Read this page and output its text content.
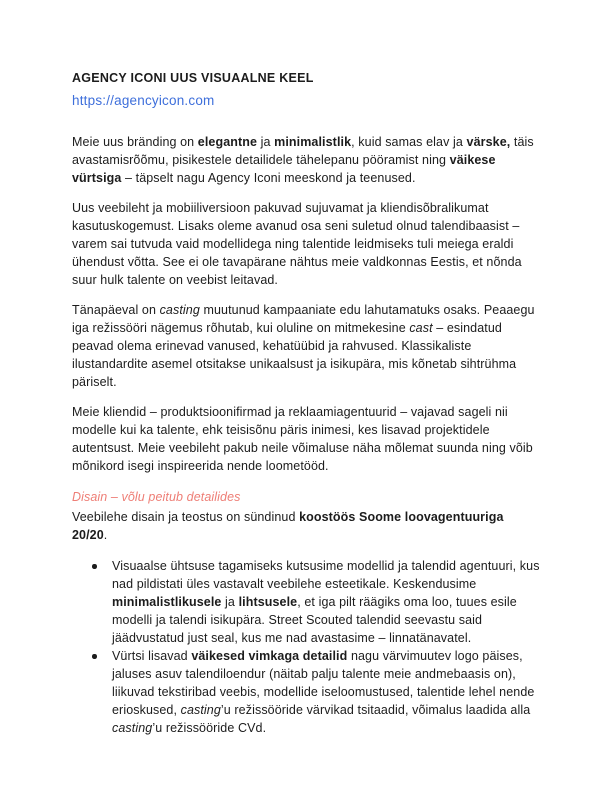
AGENCY ICONI UUS VISUAALNE KEEL
https://agencyicon.com

Meie uus bränding on elegantne ja minimalistlik, kuid samas elav ja värske, täis avastamisrõõmu, pisikestele detailidele tähelepanu pööramist ning väikese vürtsiga – täpselt nagu Agency Iconi meeskond ja teenused.

Uus veebileht ja mobiiliversioon pakuvad sujuvamat ja kliendisõbralikumat kasutuskogemust. Lisaks oleme avanud osa seni suletud olnud talendibaasist – varem sai tutvuda vaid modellidega ning talentide leidmiseks tuli meiega eraldi ühendust võtta. See ei ole tavapärane nähtus meie valdkonnas Eestis, et nõnda suur hulk talente on veebist leitavad.

Tänapäeval on casting muutunud kampaaniate edu lahutamatuks osaks. Peaaegu iga režissööri nägemus rõhutab, kui oluline on mitmekesine cast – esindatud peavad olema erinevad vanused, kehatüübid ja rahvused. Klassikaliste ilustandardite asemel otsitakse unikaalsust ja isikupära, mis kõnetab sihtrühma päriselt.

Meie kliendid – produktsioonifirmad ja reklaamiagentuurid – vajavad sageli nii modelle kui ka talente, ehk teisisõnu päris inimesi, kes lisavad projektidele autentsust. Meie veebileht pakub neile võimaluse näha mõlemat suunda ning võib mõnikord isegi inspireerida nende loometööd.

Disain – võlu peitub detailides

Veebilehe disain ja teostus on sündinud koostöös Soome loovagentuuriga 20/20.

Visuaalse ühtsuse tagamiseks kutsusime modellid ja talendid agentuuri, kus nad pildistati üles vastavalt veebilehe esteetikale. Keskendusime minimalistlikusele ja lihtsusele, et iga pilt räägiks oma loo, tuues esile modelli ja talendi isikupära. Street Scouted talendid seevastu said jäädvustatud just seal, kus me nad avastasime – linnatänavatel.
Vürtsi lisavad väikesed vimkaga detailid nagu värvimuutev logo päises, jaluses asuv talendiloendur (näitab palju talente meie andmebaasis on), liikuvad tekstiribad veebis, modellide iseloomustused, talentide lehel nende erioskused, casting’u režissööride värvikad tsitaadid, võimalus laadida alla casting’u režissööride CVd.
